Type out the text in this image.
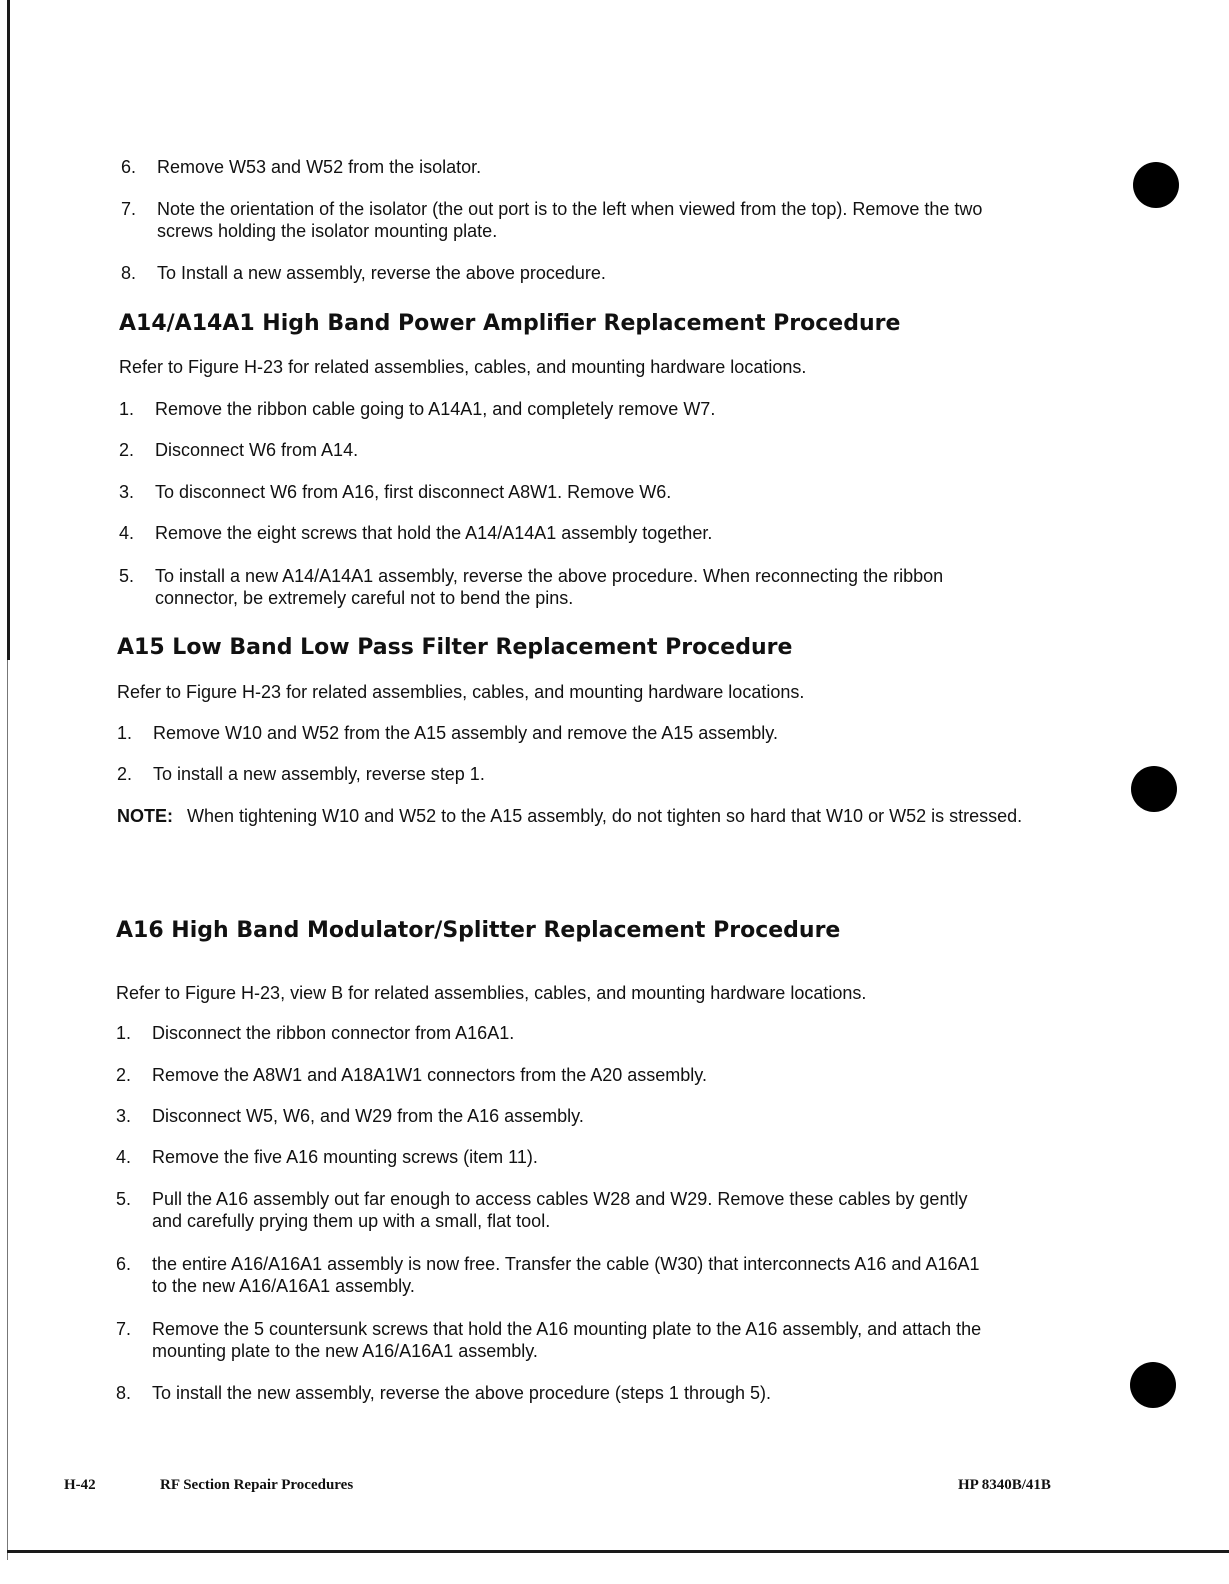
6. Remove W53 and W52 from the isolator.
7. Note the orientation of the isolator (the out port is to the left when viewed from the top). Remove the two screws holding the isolator mounting plate.
8. To Install a new assembly, reverse the above procedure.
A14/A14A1 High Band Power Amplifier Replacement Procedure
Refer to Figure H-23 for related assemblies, cables, and mounting hardware locations.
1. Remove the ribbon cable going to A14A1, and completely remove W7.
2. Disconnect W6 from A14.
3. To disconnect W6 from A16, first disconnect A8W1. Remove W6.
4. Remove the eight screws that hold the A14/A14A1 assembly together.
5. To install a new A14/A14A1 assembly, reverse the above procedure. When reconnecting the ribbon connector, be extremely careful not to bend the pins.
A15 Low Band Low Pass Filter Replacement Procedure
Refer to Figure H-23 for related assemblies, cables, and mounting hardware locations.
1. Remove W10 and W52 from the A15 assembly and remove the A15 assembly.
2. To install a new assembly, reverse step 1.
NOTE: When tightening W10 and W52 to the A15 assembly, do not tighten so hard that W10 or W52 is stressed.
A16 High Band Modulator/Splitter Replacement Procedure
Refer to Figure H-23, view B for related assemblies, cables, and mounting hardware locations.
1. Disconnect the ribbon connector from A16A1.
2. Remove the A8W1 and A18A1W1 connectors from the A20 assembly.
3. Disconnect W5, W6, and W29 from the A16 assembly.
4. Remove the five A16 mounting screws (item 11).
5. Pull the A16 assembly out far enough to access cables W28 and W29. Remove these cables by gently and carefully prying them up with a small, flat tool.
6. the entire A16/A16A1 assembly is now free. Transfer the cable (W30) that interconnects A16 and A16A1 to the new A16/A16A1 assembly.
7. Remove the 5 countersunk screws that hold the A16 mounting plate to the A16 assembly, and attach the mounting plate to the new A16/A16A1 assembly.
8. To install the new assembly, reverse the above procedure (steps 1 through 5).
H-42	RF Section Repair Procedures	HP 8340B/41B
